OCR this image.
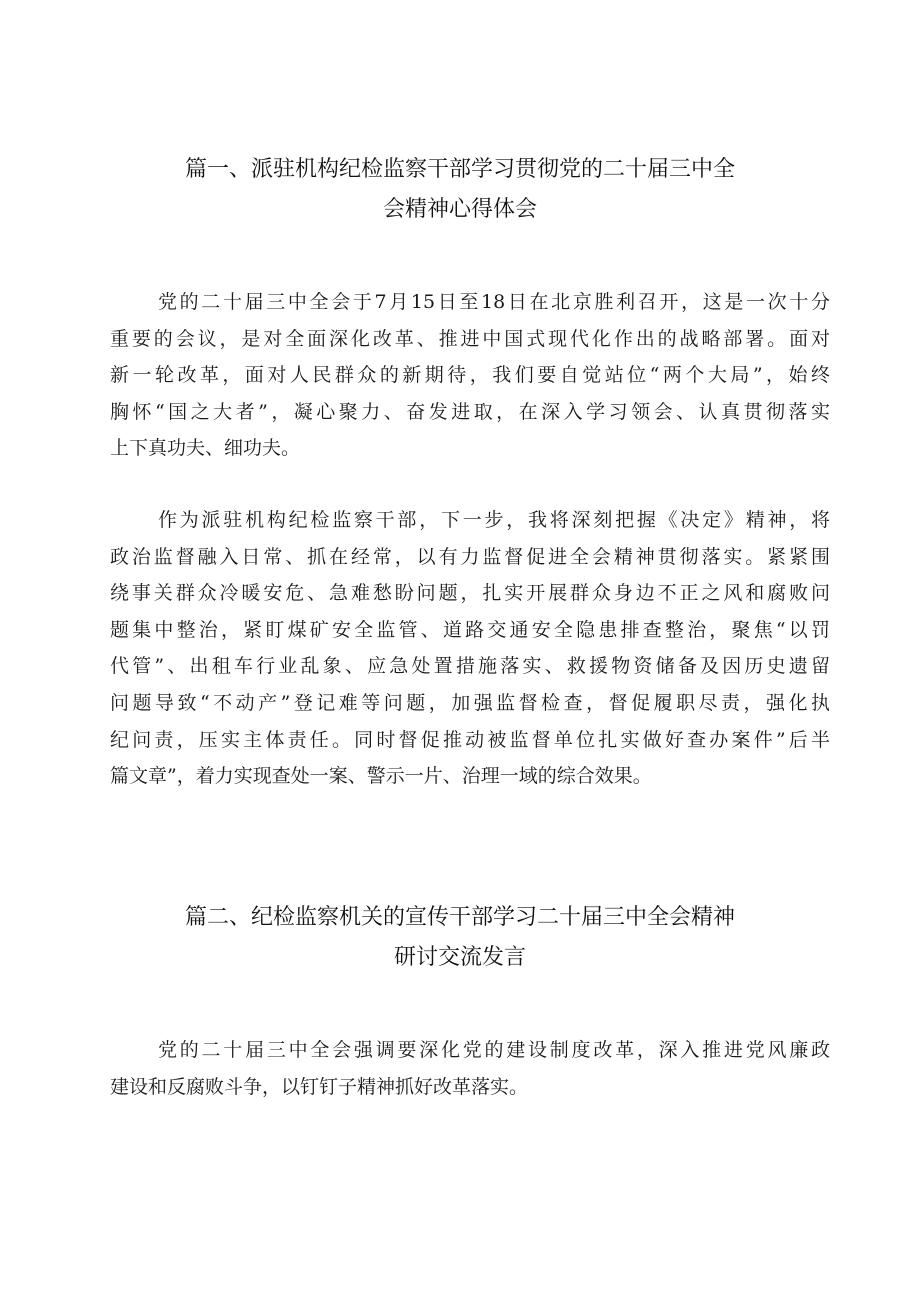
篇一、派驻机构纪检监察干部学习贯彻党的二十届三中全
会精神心得体会
党的二十届三中全会于7月15日至18日在北京胜利召开，这是一次十分
重要的会议，是对全面深化改革、推进中国式现代化作出的战略部署。面对
新一轮改革，面对人民群众的新期待，我们要自觉站位“两个大局”，始终
胸怀“国之大者”，凝心聚力、奋发进取，在深入学习领会、认真贯彻落实
上下真功夫、细功夫。
作为派驻机构纪检监察干部，下一步，我将深刻把握《决定》精神，将
政治监督融入日常、抓在经常，以有力监督促进全会精神贯彻落实。紧紧围
绕事关群众冷暖安危、急难愁盼问题，扎实开展群众身边不正之风和腐败问
题集中整治，紧盯煤矿安全监管、道路交通安全隐患排查整治，聚焦“以罚
代管”、出租车行业乱象、应急处置措施落实、救援物资储备及因历史遗留
问题导致“不动产”登记难等问题，加强监督检查，督促履职尽责，强化执
纪问责，压实主体责任。同时督促推动被监督单位扎实做好查办案件”后半
篇文章”，着力实现查处一案、警示一片、治理一域的综合效果。
篇二、纪检监察机关的宣传干部学习二十届三中全会精神
研讨交流发言
党的二十届三中全会强调要深化党的建设制度改革，深入推进党风廉政
建设和反腐败斗争，以钉钉子精神抓好改革落实。
